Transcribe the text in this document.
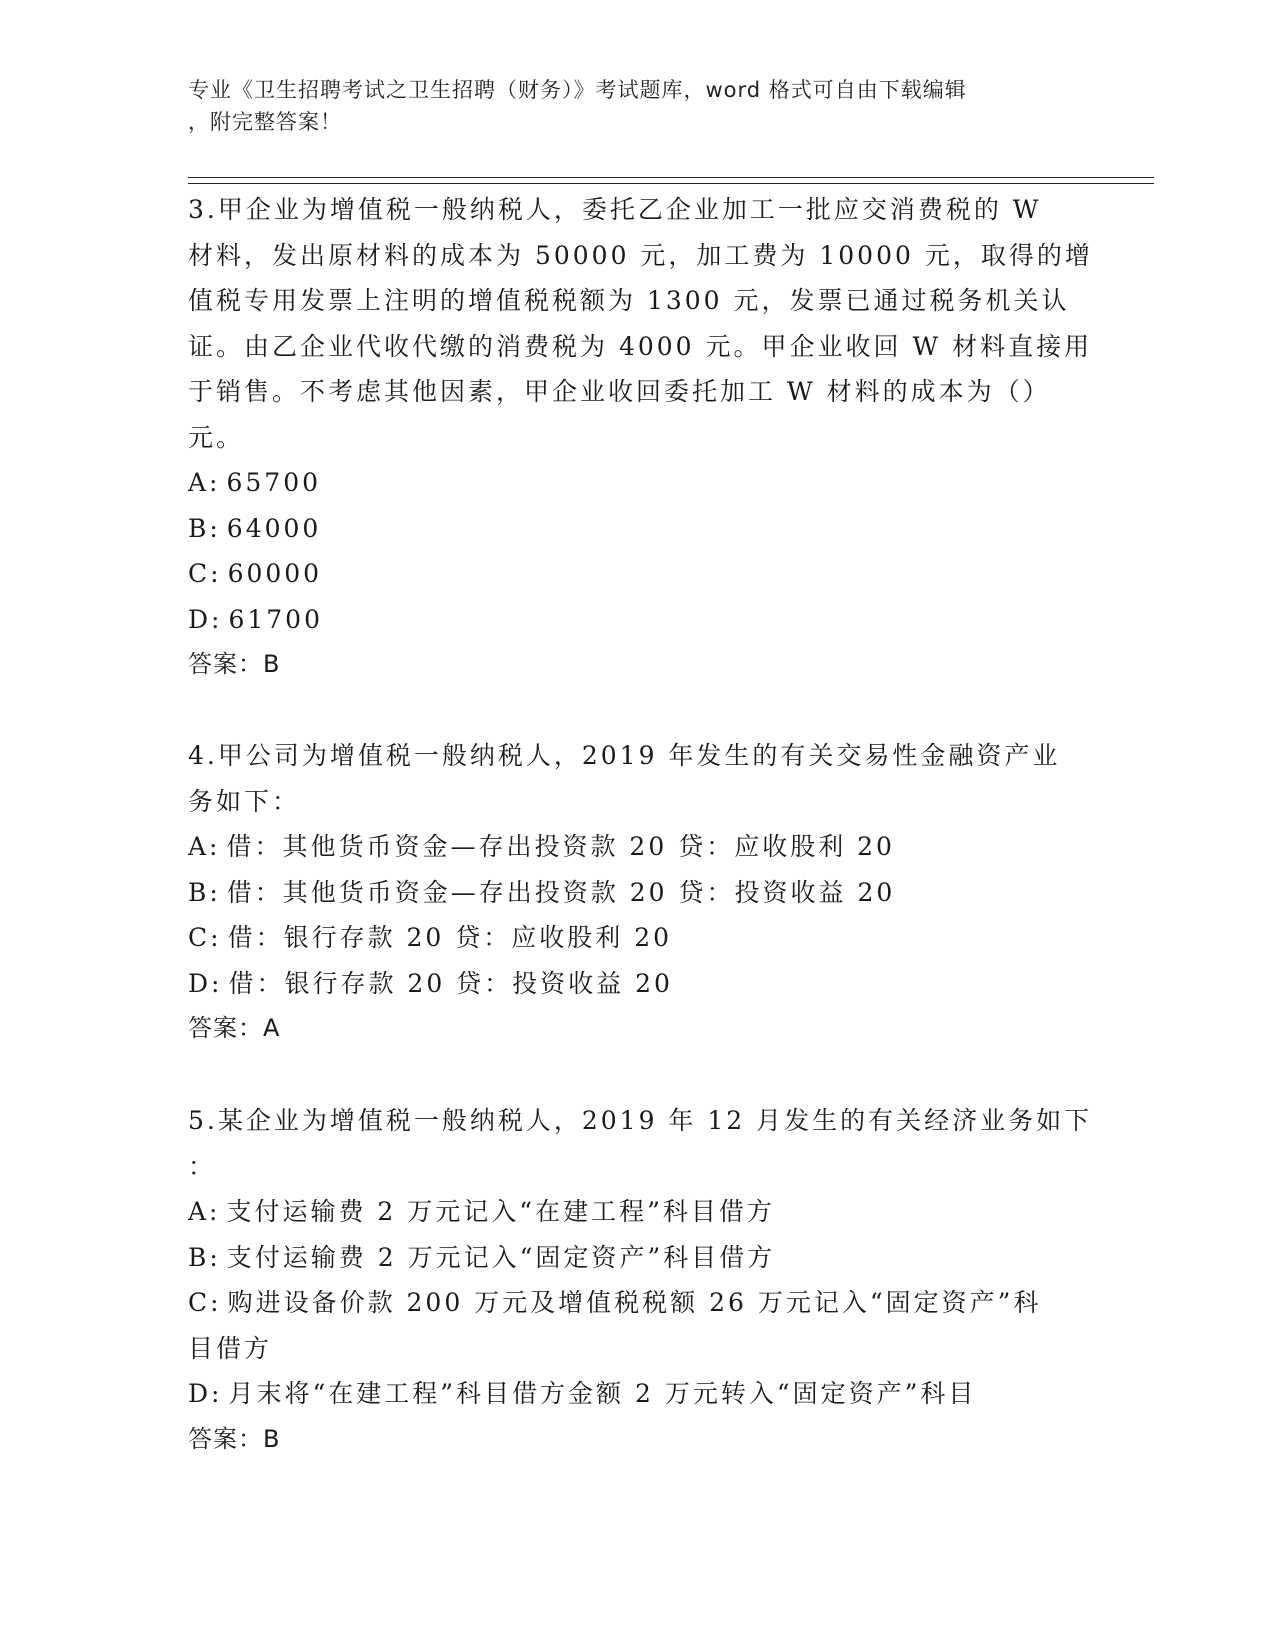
专业《卫生招聘考试之卫生招聘（财务）》考试题库，word 格式可自由下载编辑
，附完整答案！
3.甲企业为增值税一般纳税人，委托乙企业加工一批应交消费税的 W
材料，发出原材料的成本为 50000 元，加工费为 10000 元，取得的增
值税专用发票上注明的增值税税额为 1300 元，发票已通过税务机关认
证。由乙企业代收代缴的消费税为 4000 元。甲企业收回 W 材料直接用
于销售。不考虑其他因素，甲企业收回委托加工 W 材料的成本为（）
元。
A: 65700
B: 64000
C: 60000
D: 61700
答案：B
4.甲公司为增值税一般纳税人，2019 年发生的有关交易性金融资产业
务如下：
A: 借：其他货币资金—存出投资款 20 贷：应收股利 20
B: 借：其他货币资金—存出投资款 20 贷：投资收益 20
C: 借：银行存款 20 贷：应收股利 20
D: 借：银行存款 20 贷：投资收益 20
答案：A
5.某企业为增值税一般纳税人，2019 年 12 月发生的有关经济业务如下
：
A: 支付运输费 2 万元记入“在建工程”科目借方
B: 支付运输费 2 万元记入“固定资产”科目借方
C: 购进设备价款 200 万元及增值税税额 26 万元记入“固定资产”科
目借方
D: 月末将“在建工程”科目借方金额 2 万元转入“固定资产”科目
答案：B
